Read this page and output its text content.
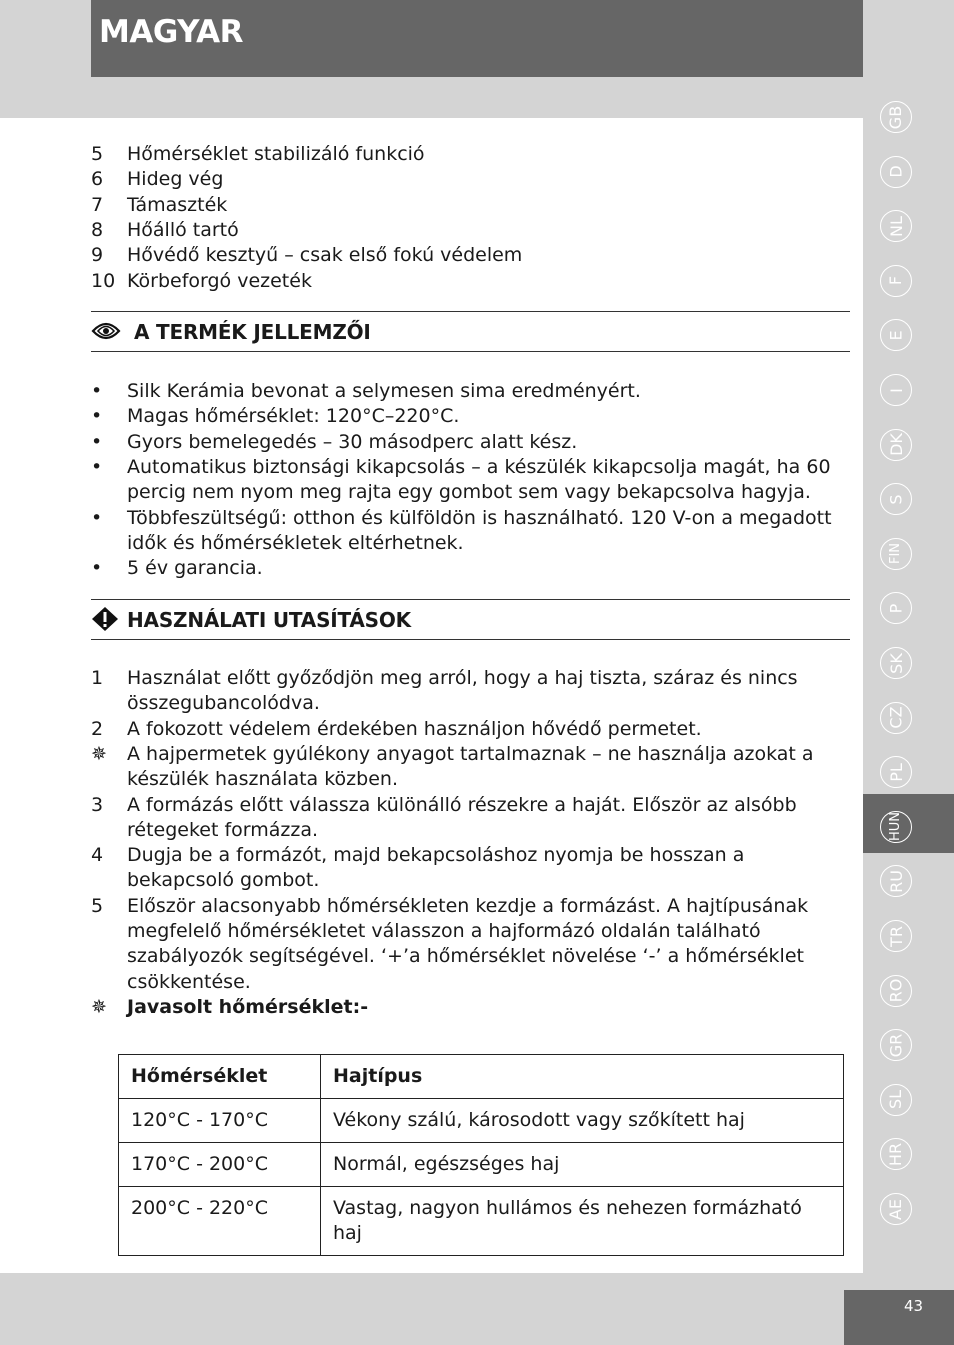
MAGYAR
GB
D
NL
F
E
I
DK
S
FIN
P
SK
CZ
PL
HUN
RU
TR
RO
GR
SL
HR
AE
43
5	Hőmérséklet stabilizáló funkció
6	Hideg vég
7	Támaszték
8	Hőálló tartó
9	Hővédő kesztyű – csak első fokú védelem
10 Körbeforgó vezeték
A TERMÉK JELLEMZŐI
•	Silk Kerámia bevonat a selymesen sima eredményért.
•	Magas hőmérséklet: 120°C–220°C.
•	Gyors bemelegedés – 30 másodperc alatt kész.
•	Automatikus biztonsági kikapcsolás – a készülék kikapcsolja magát, ha 60 percig nem nyom meg rajta egy gombot sem vagy bekapcsolva hagyja.
•	Többfeszültségű: otthon és külföldön is használható. 120 V-on a megadott idők és hőmérsékletek eltérhetnek.
•	5 év garancia.
HASZNÁLATI UTASÍTÁSOK
1	Használat előtt győződjön meg arról, hogy a haj tiszta, száraz és nincs összegubancolódva.
2	A fokozott védelem érdekében használjon hővédő permetet.
✵	A hajpermetek gyúlékony anyagot tartalmaznak – ne használja azokat a készülék használata közben.
3	A formázás előtt válassza különálló részekre a haját. Először az alsóbb rétegeket formázza.
4	Dugja be a formázót, majd bekapcsoláshoz nyomja be hosszan a bekapcsoló gombot.
5	Először alacsonyabb hőmérsékleten kezdje a formázást. A hajtípusának megfelelő hőmérsékletet válasszon a hajformázó oldalán található szabályozók segítségével. ‘+’a hőmérséklet növelése ‘-’ a hőmérséklet csökkentése.
✵	Javasolt hőmérséklet:-
Hőmérséklet	Hajtípus
120°C - 170°C	Vékony szálú, károsodott vagy szőkített haj
170°C - 200°C	Normál, egészséges haj
200°C - 220°C	Vastag, nagyon hullámos és nehezen formázható haj
